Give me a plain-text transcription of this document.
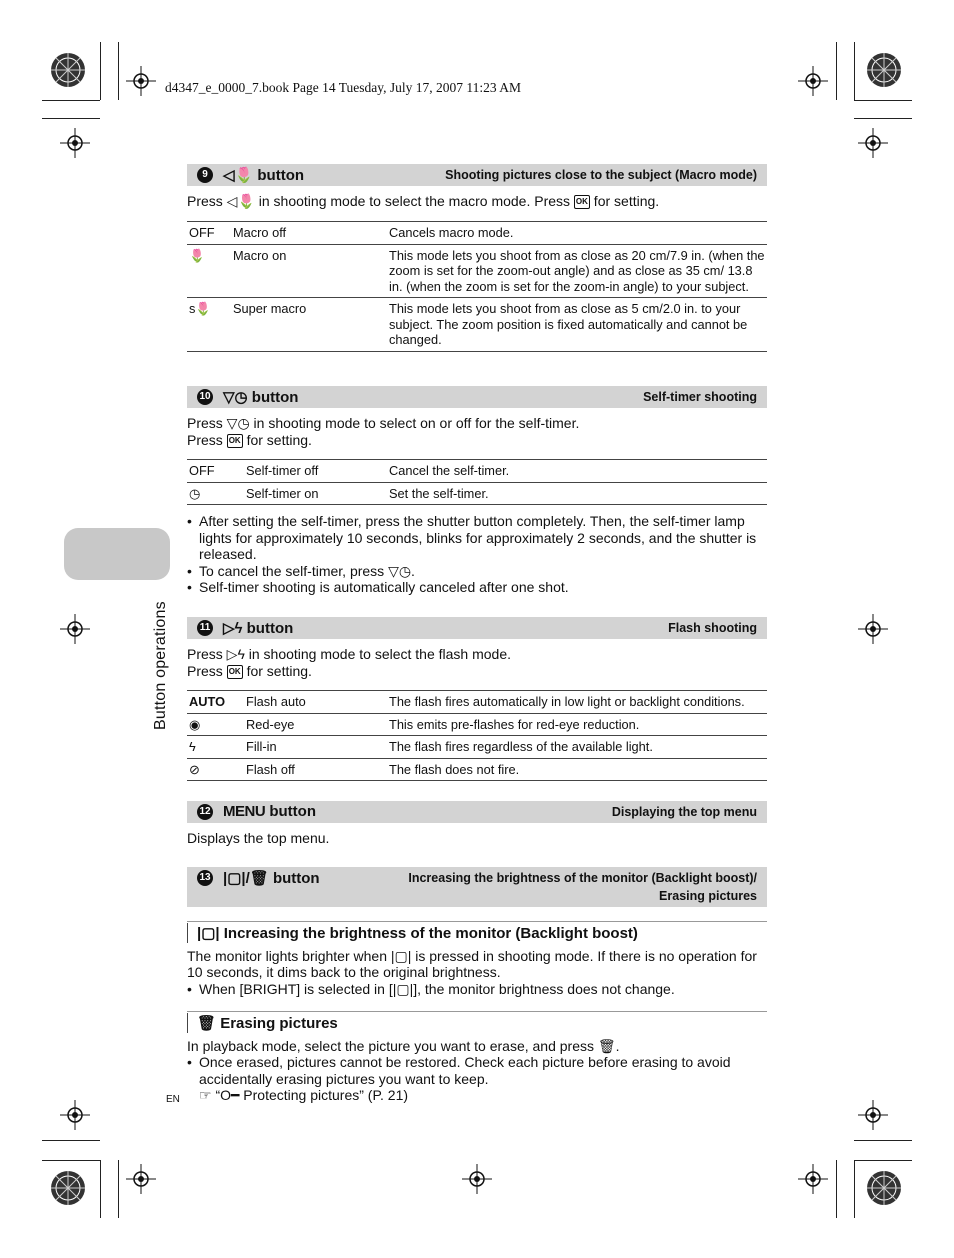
d4347_e_0000_7.book Page 14 Tuesday, July 17, 2007 11:23 AM
Button operations
9	◁🌷 button	Shooting pictures close to the subject (Macro mode)
Press ◁🌷 in shooting mode to select the macro mode. Press OK for setting.
OFF	Macro off	Cancels macro mode.
🌷	Macro on	This mode lets you shoot from as close as 20 cm/7.9 in. (when the zoom is set for the zoom-out angle) and as close as 35 cm/ 13.8 in. (when the zoom is set for the zoom-in angle) to your subject.
s🌷	Super macro	This mode lets you shoot from as close as 5 cm/2.0 in. to your subject. The zoom position is fixed automatically and cannot be changed.
10 ▽◷ button	Self-timer shooting
Press ▽◷ in shooting mode to select on or off for the self-timer.
Press OK for setting.
OFF	Self-timer off	Cancel the self-timer.
◷	Self-timer on	Set the self-timer.
• After setting the self-timer, press the shutter button completely. Then, the self-timer lamp lights for approximately 10 seconds, blinks for approximately 2 seconds, and the shutter is released.
• To cancel the self-timer, press ▽◷.
• Self-timer shooting is automatically canceled after one shot.
11 ▷ϟ button	Flash shooting
Press ▷ϟ in shooting mode to select the flash mode.
Press OK for setting.
AUTO	Flash auto	The flash fires automatically in low light or backlight conditions.
◉	Red-eye	This emits pre-flashes for red-eye reduction.
ϟ	Fill-in	The flash fires regardless of the available light.
⊘	Flash off	The flash does not fire.
12 MENU button	Displaying the top menu
Displays the top menu.
13 |▢|/🗑 button	Increasing the brightness of the monitor (Backlight boost)/
Erasing pictures
|▢| Increasing the brightness of the monitor (Backlight boost)
The monitor lights brighter when |▢| is pressed in shooting mode. If there is no operation for
10 seconds, it dims back to the original brightness.
• When [BRIGHT] is selected in [|▢|], the monitor brightness does not change.
🗑 Erasing pictures
In playback mode, select the picture you want to erase, and press 🗑.
• Once erased, pictures cannot be restored. Check each picture before erasing to avoid accidentally erasing pictures you want to keep.
☞ “O━ Protecting pictures” (P. 21)
EN
